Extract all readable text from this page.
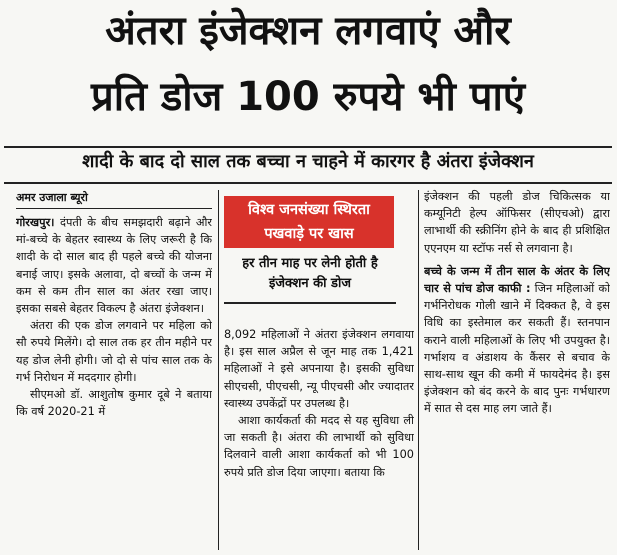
अंतरा इंजेक्शन लगवाएं और
प्रति डोज 100 रुपये भी पाएं
शादी के बाद दो साल तक बच्चा न चाहने में कारगर है अंतरा इंजेक्शन
अमर उजाला ब्यूरो

गोरखपुर। दंपती के बीच समझदारी बढ़ाने और मां-बच्चे के बेहतर स्वास्थ्य के लिए जरूरी है कि शादी के दो साल बाद ही पहले बच्चे की योजना बनाई जाए। इसके अलावा, दो बच्चों के जन्म में कम से कम तीन साल का अंतर रखा जाए। इसका सबसे बेहतर विकल्प है अंतरा इंजेक्शन।

अंतरा की एक डोज लगवाने पर महिला को सौ रुपये मिलेंगे। दो साल तक हर तीन महीने पर यह डोज लेनी होगी। जो दो से पांच साल तक के गर्भ निरोधन में मददगार होगी।

सीएमओ डॉ. आशुतोष कुमार दूबे ने बताया कि वर्ष 2020-21 में

विश्व जनसंख्या स्थिरता
पखवाड़े पर खास
हर तीन माह पर लेनी होती है
इंजेक्शन की डोज

8,092 महिलाओं ने अंतरा इंजेक्शन लगवाया है। इस साल अप्रैल से जून माह तक 1,421 महिलाओं ने इसे अपनाया है। इसकी सुविधा सीएचसी, पीएचसी, न्यू पीएचसी और ज्यादातर स्वास्थ्य उपकेंद्रों पर उपलब्ध है।

आशा कार्यकर्ता की मदद से यह सुविधा ली जा सकती है। अंतरा की लाभार्थी को सुविधा दिलवाने वाली आशा कार्यकर्ता को भी 100 रुपये प्रति डोज दिया जाएगा। बताया कि

इंजेक्शन की पहली डोज चिकित्सक या कम्यूनिटी हेल्प ऑफिसर (सीएचओ) द्वारा लाभार्थी की स्क्रीनिंग होने के बाद ही प्रशिक्षित एएनएम या स्टॉफ नर्स से लगवाना है।

बच्चे के जन्म में तीन साल के अंतर के लिए चार से पांच डोज काफी : जिन महिलाओं को गर्भनिरोधक गोली खाने में दिक्कत है, वे इस विधि का इस्तेमाल कर सकती हैं। स्तनपान कराने वाली महिलाओं के लिए भी उपयुक्त है। गर्भाशय व अंडाशय के कैंसर से बचाव के साथ-साथ खून की कमी में फायदेमंद है। इस इंजेक्शन को बंद करने के बाद पुनः गर्भधारण में सात से दस माह लग जाते हैं।
